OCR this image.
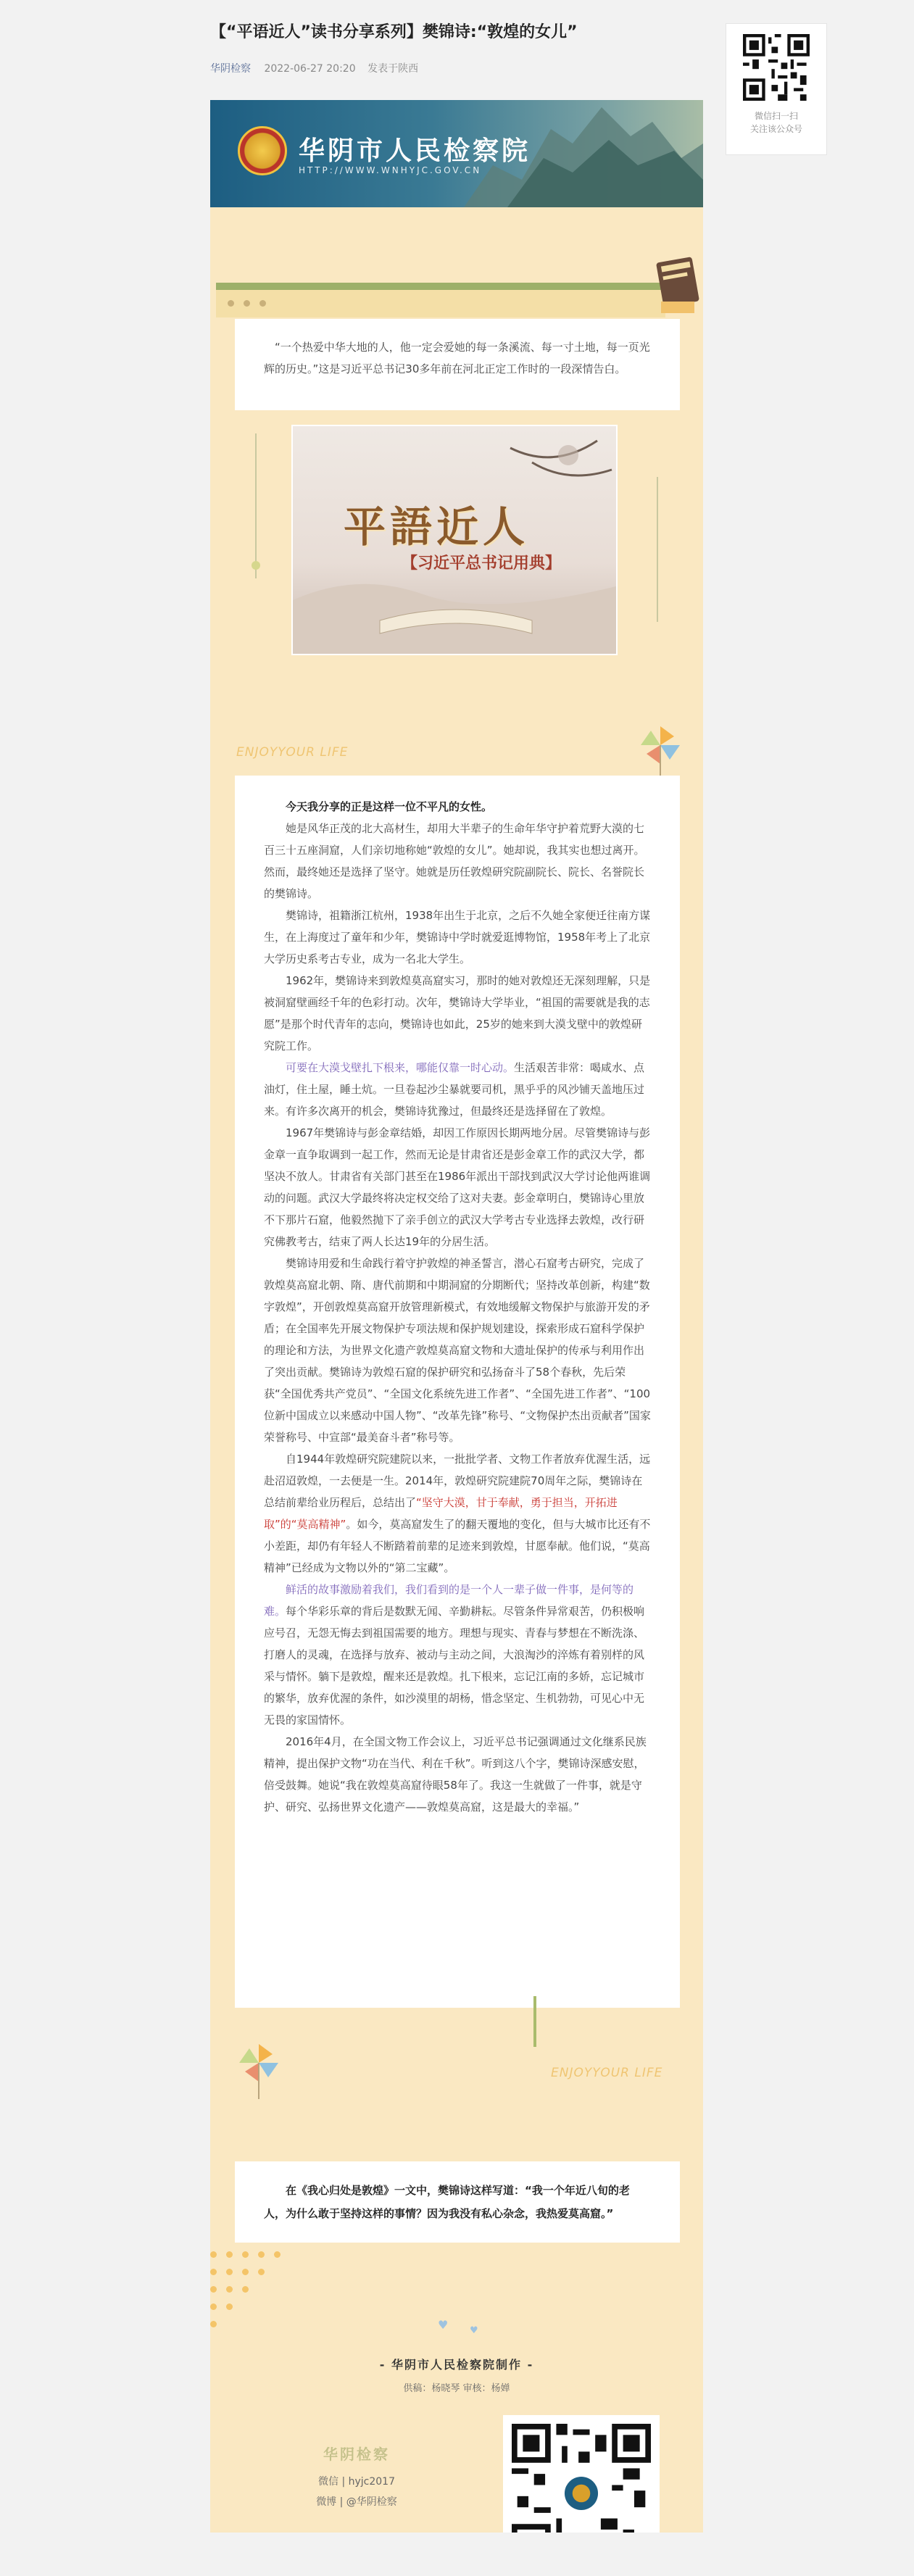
【“平语近人”读书分享系列】樊锦诗:“敦煌的女儿”
华阴检察 2022-06-27 20:20 发表于陕西
微信扫一扫
关注该公众号
华阴市人民检察院
HTTP://WWW.WNHYJC.GOV.CN

“一个热爱中华大地的人，他一定会爱她的每一条溪流、每一寸土地，每一页光辉的历史。”这是习近平总书记30多年前在河北正定工作时的一段深情告白。

平語近人
【习近平总书记用典】
ENJOYYOUR LIFE

今天我分享的正是这样一位不平凡的女性。

她是风华正茂的北大高材生，却用大半辈子的生命年华守护着荒野大漠的七百三十五座洞窟，人们亲切地称她“敦煌的女儿”。她却说，我其实也想过离开。然而，最终她还是选择了坚守。她就是历任敦煌研究院副院长、院长、名誉院长的樊锦诗。

樊锦诗，祖籍浙江杭州，1938年出生于北京，之后不久她全家便迁往南方谋生，在上海度过了童年和少年，樊锦诗中学时就爱逛博物馆，1958年考上了北京大学历史系考古专业，成为一名北大学生。

1962年，樊锦诗来到敦煌莫高窟实习，那时的她对敦煌还无深刻理解，只是被洞窟壁画经千年的色彩打动。次年，樊锦诗大学毕业，“祖国的需要就是我的志愿”是那个时代青年的志向，樊锦诗也如此，25岁的她来到大漠戈壁中的敦煌研究院工作。

可要在大漠戈壁扎下根来，哪能仅靠一时心动。生活艰苦非常：喝咸水、点油灯，住土屋，睡土炕。一旦卷起沙尘暴就要司机，黑乎乎的风沙铺天盖地压过来。有许多次离开的机会，樊锦诗犹豫过，但最终还是选择留在了敦煌。

1967年樊锦诗与彭金章结婚，却因工作原因长期两地分居。尽管樊锦诗与彭金章一直争取调到一起工作，然而无论是甘肃省还是彭金章工作的武汉大学，都坚决不放人。甘肃省有关部门甚至在1986年派出干部找到武汉大学讨论他两谁调动的问题。武汉大学最终将决定权交给了这对夫妻。彭金章明白，樊锦诗心里放不下那片石窟，他毅然抛下了亲手创立的武汉大学考古专业选择去敦煌，改行研究佛教考古，结束了两人长达19年的分居生活。

樊锦诗用爱和生命践行着守护敦煌的神圣誓言，潜心石窟考古研究，完成了敦煌莫高窟北朝、隋、唐代前期和中期洞窟的分期断代；坚持改革创新，构建“数字敦煌”，开创敦煌莫高窟开放管理新模式，有效地缓解文物保护与旅游开发的矛盾；在全国率先开展文物保护专项法规和保护规划建设，探索形成石窟科学保护的理论和方法，为世界文化遗产敦煌莫高窟文物和大遗址保护的传承与利用作出了突出贡献。樊锦诗为敦煌石窟的保护研究和弘扬奋斗了58个春秋，先后荣获“全国优秀共产党员”、“全国文化系统先进工作者”、“全国先进工作者”、“100位新中国成立以来感动中国人物”、“改革先锋”称号、“文物保护杰出贡献者”国家荣誉称号、中宣部“最美奋斗者”称号等。

自1944年敦煌研究院建院以来，一批批学者、文物工作者放弃优渥生活，远赴沼迢敦煌，一去便是一生。2014年，敦煌研究院建院70周年之际，樊锦诗在总结前辈给业历程后，总结出了“坚守大漠，甘于奉献，勇于担当，开拓进取”的“莫高精神”。如今，莫高窟发生了的翻天覆地的变化，但与大城市比还有不小差距，却仍有年轻人不断踏着前辈的足迹来到敦煌，甘愿奉献。他们说，“莫高精神”已经成为文物以外的“第二宝藏”。

鲜活的故事激励着我们，我们看到的是一个人一辈子做一件事，是何等的难。每个华彩乐章的背后是数默无闻、辛勤耕耘。尽管条件异常艰苦，仍积极响应号召，无怨无悔去到祖国需要的地方。理想与现实、青春与梦想在不断洗涤、打磨人的灵魂，在选择与放弃、被动与主动之间，大浪淘沙的淬炼有着别样的风采与情怀。躺下是敦煌，醒来还是敦煌。扎下根来，忘记江南的多娇，忘记城市的繁华，放弃优渥的条件，如沙漠里的胡杨，惜念坚定、生机勃勃，可见心中无无畏的家国情怀。

2016年4月，在全国文物工作会议上，习近平总书记强调通过文化继系民族精神，提出保护文物“功在当代、利在千秋”。听到这八个字，樊锦诗深感安慰，倍受鼓舞。她说“我在敦煌莫高窟待眼58年了。我这一生就做了一件事，就是守护、研究、弘扬世界文化遗产——敦煌莫高窟，这是最大的幸福。”

ENJOYYOUR LIFE

在《我心归处是敦煌》一文中，樊锦诗这样写道：“我一个年近八旬的老人，为什么敢于坚持这样的事情？因为我没有私心杂念，我热爱莫高窟。”

♥ ♥
- 华阴市人民检察院制作 -
供稿：杨晓琴 审核：杨婵
华阴检察
微信 | hyjc2017
微博 | @华阴检察
